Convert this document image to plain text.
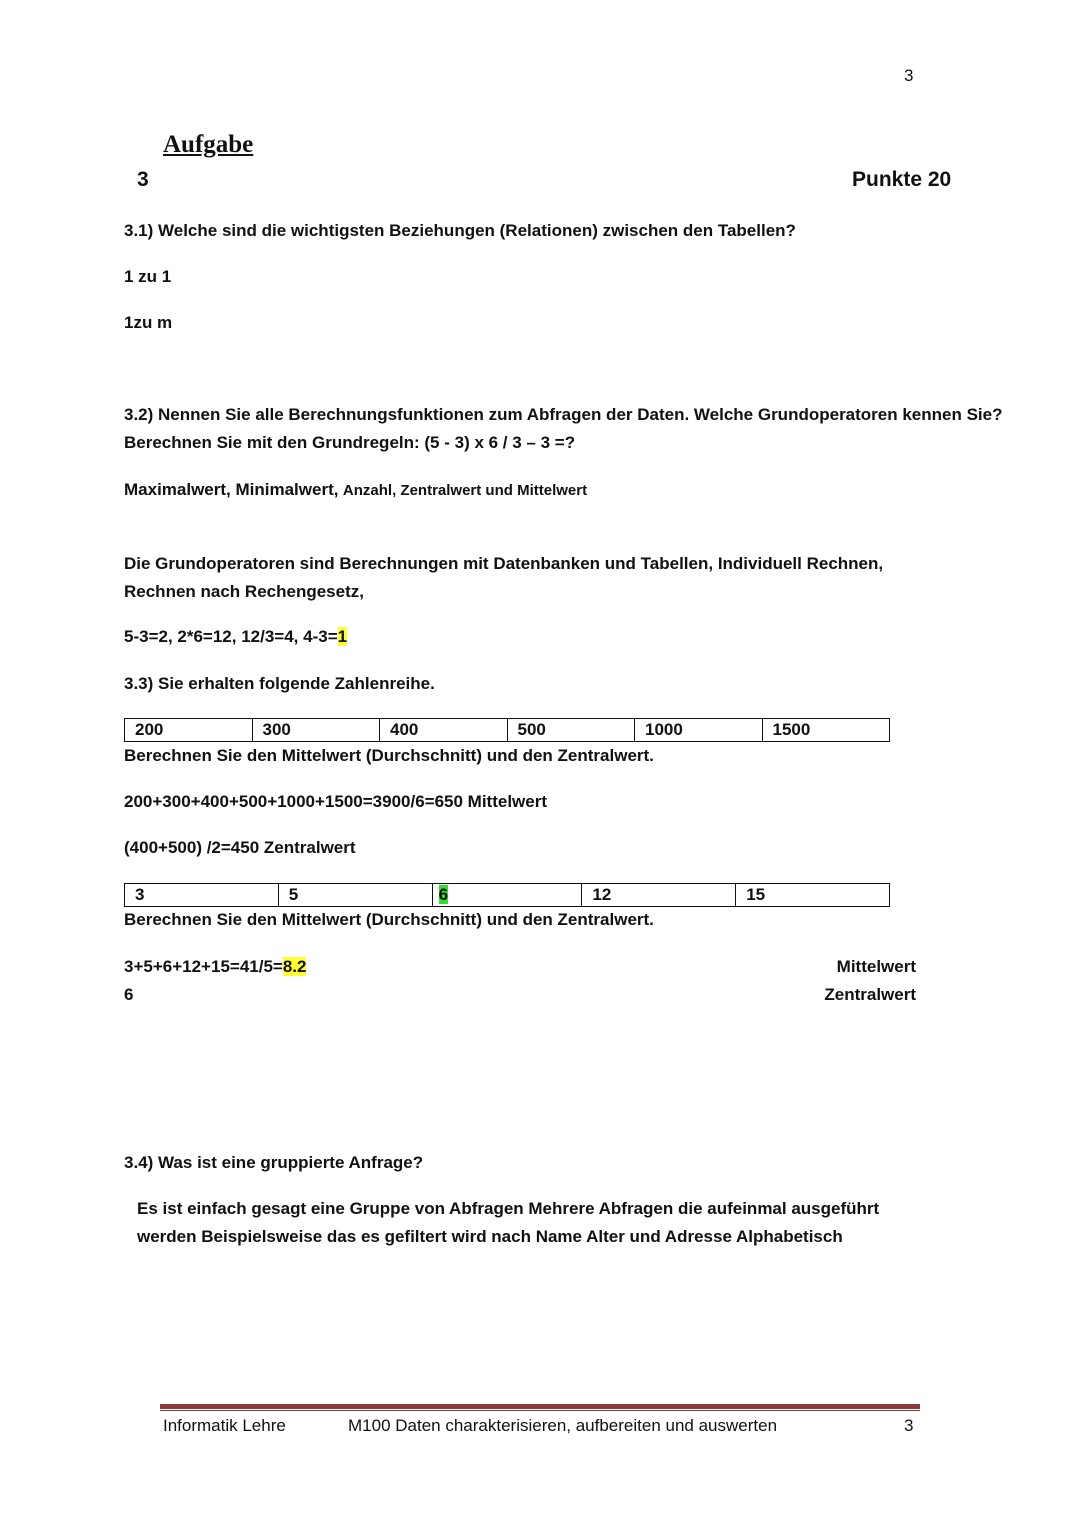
3
Aufgabe
3	Punkte 20
3.1) Welche sind die wichtigsten Beziehungen (Relationen) zwischen den Tabellen?
1 zu 1
1zu m
3.2) Nennen Sie alle Berechnungsfunktionen zum Abfragen der Daten. Welche Grundoperatoren kennen Sie?
Berechnen Sie mit den Grundregeln: (5 - 3) x 6 / 3 – 3 =?
Maximalwert, Minimalwert, Anzahl, Zentralwert und Mittelwert
Die Grundoperatoren sind Berechnungen mit Datenbanken und Tabellen, Individuell Rechnen,
Rechnen nach Rechengesetz,
5-3=2, 2*6=12, 12/3=4, 4-3=1
3.3) Sie erhalten folgende Zahlenreihe.
200	300	400	500	1000	1500
Berechnen Sie den Mittelwert (Durchschnitt) und den Zentralwert.
200+300+400+500+1000+1500=3900/6=650 Mittelwert
(400+500) /2=450 Zentralwert
3	5	6	12	15
Berechnen Sie den Mittelwert (Durchschnitt) und den Zentralwert.
3+5+6+12+15=41/5=8.2
6
Mittelwert
Zentralwert
3.4) Was ist eine gruppierte Anfrage?
Es ist einfach gesagt eine Gruppe von Abfragen Mehrere Abfragen die aufeinmal ausgeführt
werden Beispielsweise das es gefiltert wird nach Name Alter und Adresse Alphabetisch
Informatik Lehre	M100 Daten charakterisieren, aufbereiten und auswerten	3
